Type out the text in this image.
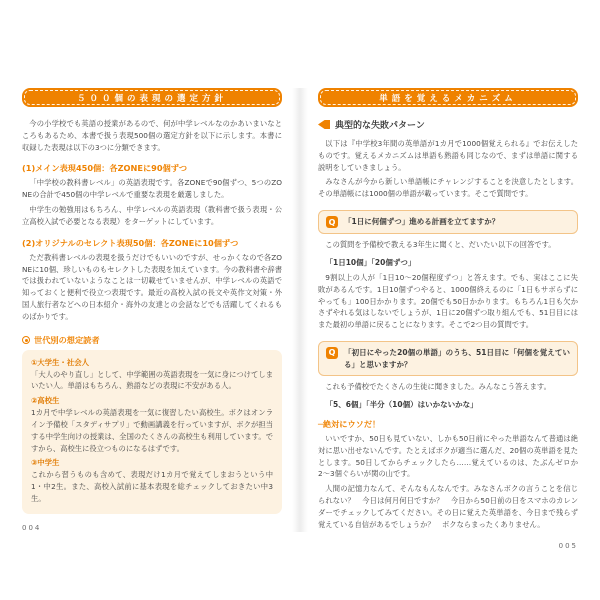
５００個の表現の選定方針

今の小学校でも英語の授業があるので、何が中学レベルなのかあいまいなところもあるため、本書で扱う表現500個の選定方針を以下に示します。本書に収録した表現は以下の3つに分類できます。

(1)メイン表現450個：各ZONEに90個ずつ

「中学校の教科書レベル」の英語表現です。各ZONEで90個ずつ、5つのZONEの合計で450個の中学レベルで重要な表現を厳選しました。

中学生の勉強用はもちろん、中学レベルの英語表現（教科書で扱う表現・公立高校入試で必要となる表現）をターゲットにしています。

(2)オリジナルのセレクト表現50個：各ZONEに10個ずつ

ただ教科書レベルの表現を扱うだけでもいいのですが、せっかくなので各ZONEに10個、珍しいものもセレクトした表現を加えています。今の教科書や辞書では扱われていないようなことは一切載せていませんが、中学レベルの英語で知っておくと便利で役立つ表現です。最近の高校入試の長文や英作文対策・外国人旅行者などへの日本紹介・海外の友達との会話などでも活躍してくれるものばかりです。

世代別の想定読者
①大学生・社会人

「大人のやり直し」として、中学範囲の英語表現を一気に身につけてしまいたい人。単語はもちろん、熟語などの表現に不安がある人。

②高校生

1カ月で中学レベルの英語表現を一気に復習したい高校生。ボクはオンライン予備校「スタディサプリ」で動画講義を行っていますが、ボクが担当する中学生向けの授業は、全国のたくさんの高校生も利用しています。ですから、高校生に役立つものになるはずです。

③中学生

これから習うものも含めて、表現だけ1カ月で覚えてしまおうという中1・中2生。また、高校入試前に基本表現を総チェックしておきたい中3生。

004
単語を覚えるメカニズム
典型的な失敗パターン

以下は『中学校3年間の英単語が1カ月で1000個覚えられる』でお伝えしたものです。覚えるメカニズムは単語も熟語も同じなので、まずは単語に関する説明をしていきましょう。

みなさんが今から新しい単語帳にチャレンジすることを決意したとします。その単語帳には1000個の単語が載っています。そこで質問です。

Q	「1日に何個ずつ」進める計画を立てますか？

この質問を予備校で教える3年生に聞くと、だいたい以下の回答です。

「1日10個」「20個ずつ」

9割以上の人が「1日10〜20個程度ずつ」と答えます。でも、実はここに失敗があるんです。1日10個ずつやると、1000個終えるのに「1日もサボらずにやっても」100日かかります。20個でも50日かかります。もちろん1日も欠かさずやれる気はしないでしょうが、1日に20個ずつ取り組んでも、51日目にはまた最初の単語に戻ることになります。そこで2つ目の質問です。

Q	「初日にやった20個の単語」のうち、51日目に「何個を覚えている」と思いますか？

これも予備校でたくさんの生徒に聞きました。みんなこう答えます。

「5、6個」「半分（10個）はいかないかな」

─絶対にウソだ！

いいですか、50日も見ていない、しかも50日前にやった単語なんて普通は絶対に思い出せないんです。たとえばボクが適当に選んだ、20個の英単語を見たとします。50日してからチェックしたら……覚えているのは、たぶんゼロか2〜3個ぐらいが関の山です。

人間の記憶力なんて、そんなもんなんです。みなさんボクの言うことを信じられない？　今日は何月何日ですか？　今日から50日前の日をスマホのカレンダーでチェックしてみてください。その日に覚えた英単語を、今日まで残らず覚えている自信があるでしょうか？　ボクならまったくありません。

005
